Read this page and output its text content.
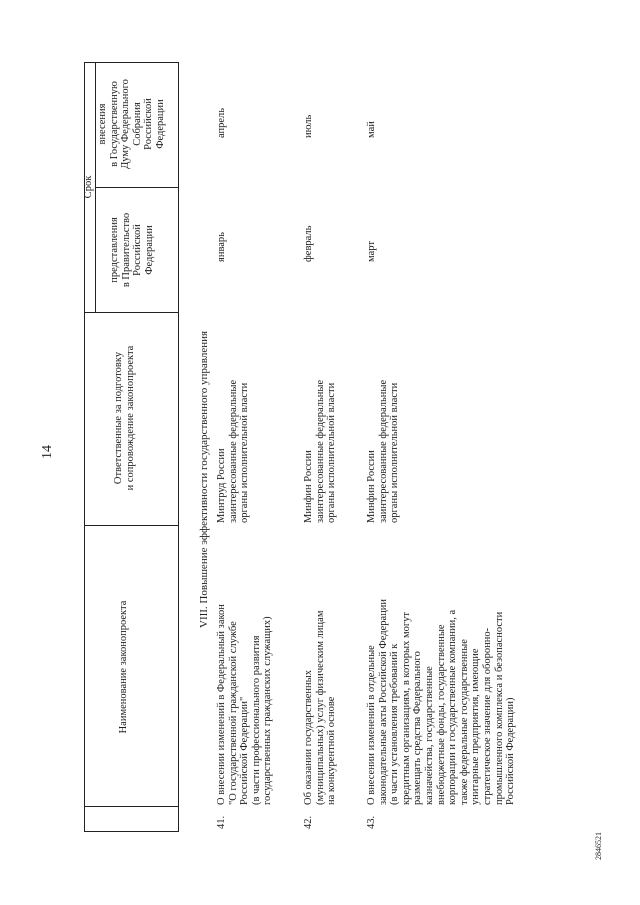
14
2846521
Наименование законопроекта
Ответственные за подготовку
и сопровождение законопроекта
Срок
представления
в Правительство
Российской
Федерации
внесения
в Государственную
Думу Федерального
Собрания
Российской
Федерации
VIII. Повышение эффективности государственного управления
41.
О внесении изменений в Федеральный закон
"О государственной гражданской службе
Российской Федерации"
(в части профессионального развития
государственных гражданских служащих)
Минтруд России
заинтересованные федеральные
органы исполнительной власти
январь
апрель
42.
Об оказании государственных
(муниципальных) услуг физическим лицам
на конкурентной основе
Минфин России
заинтересованные федеральные
органы исполнительной власти
февраль
июль
43.
О внесении изменений в отдельные
законодательные акты Российской Федерации
(в части установления требований к
кредитным организациям, в которых могут
размещать средства Федерального
казначейства, государственные
внебюджетные фонды, государственные
корпорации и государственные компании, а
также федеральные государственные
унитарные предприятия, имеющие
стратегическое значение для оборонно-
промышленного комплекса и безопасности
Российской Федерации)
Минфин России
заинтересованные федеральные
органы исполнительной власти
март
май
